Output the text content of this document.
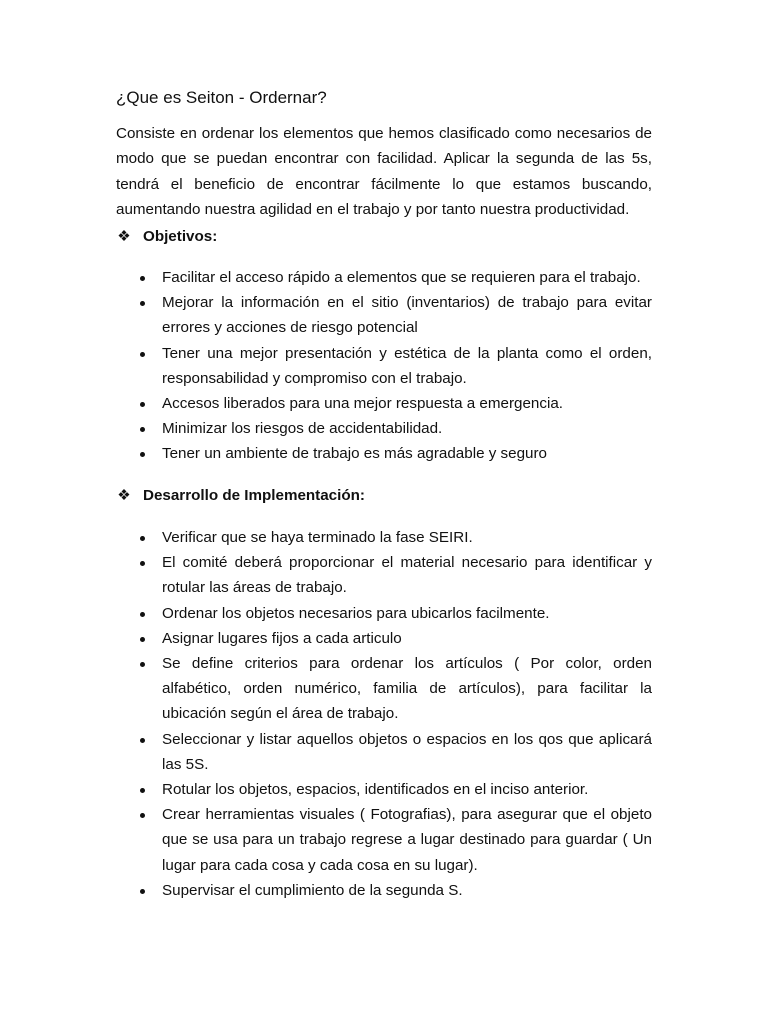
¿Que es Seiton - Ordernar?

Consiste en ordenar los elementos que hemos clasificado como necesarios de modo que se puedan encontrar con facilidad. Aplicar la segunda de las 5s, tendrá el beneficio de encontrar fácilmente lo que estamos buscando, aumentando nuestra agilidad en el trabajo y por tanto nuestra productividad.

❖ Objetivos:
Facilitar el acceso rápido a elementos que se requieren para el trabajo.
Mejorar la información en el sitio (inventarios) de trabajo para evitar errores y acciones de riesgo potencial
Tener una mejor presentación y estética de la planta como el orden, responsabilidad y compromiso con el trabajo.
Accesos liberados para una mejor respuesta a emergencia.
Minimizar los riesgos de accidentabilidad.
Tener un ambiente de trabajo es más agradable y seguro
❖ Desarrollo de Implementación:
Verificar que se haya terminado la fase SEIRI.
El comité deberá proporcionar el material necesario para identificar y rotular las áreas de trabajo.
Ordenar los objetos necesarios para ubicarlos facilmente.
Asignar lugares fijos a cada articulo
Se define criterios para ordenar los artículos ( Por color, orden alfabético, orden numérico, familia de artículos), para facilitar la ubicación según el área de trabajo.
Seleccionar y listar aquellos objetos o espacios en los qos que aplicará las 5S.
Rotular los objetos, espacios, identificados en el inciso anterior.
Crear herramientas visuales ( Fotografias), para asegurar que el objeto que se usa para un trabajo regrese a lugar destinado para guardar ( Un lugar para cada cosa y cada cosa en su lugar).
Supervisar el cumplimiento de la segunda S.
